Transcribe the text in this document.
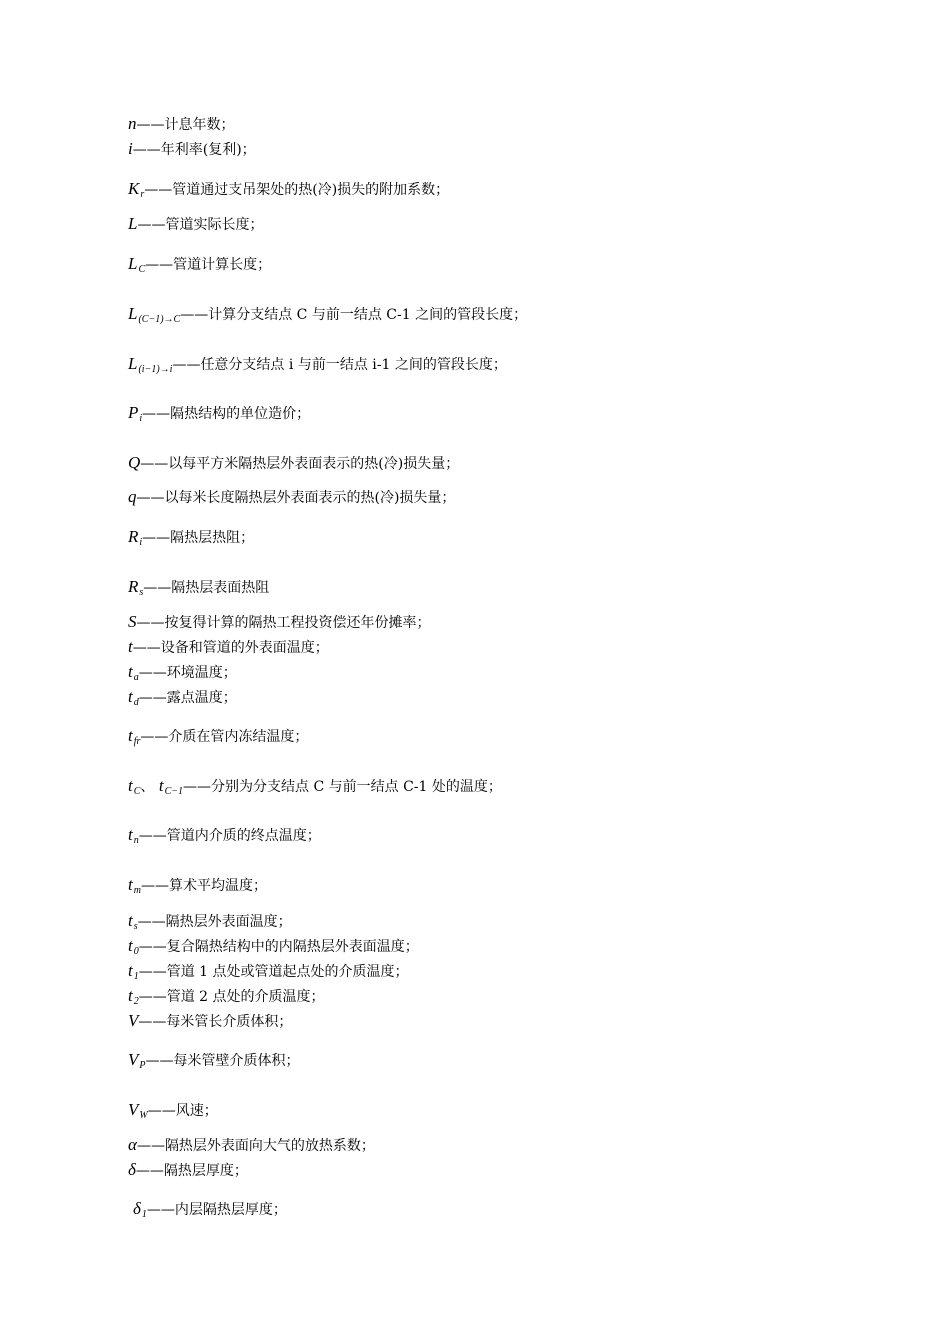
n——计息年数；
i——年利率(复利)；
$K_r——$管道通过支吊架处的热(冷)损失的附加系数；
L——管道实际长度；
$L_C——$管道计算长度；
$L_{(C-1)\to C}——$计算分支结点 C 与前一结点 C-1 之间的管段长度；
$L_{(i-1)\to i}——$任意分支结点 i 与前一结点 i-1 之间的管段长度；
$P_i——$隔热结构的单位造价；
Q——以每平方米隔热层外表面表示的热(冷)损失量；
q——以每米长度隔热层外表面表示的热(冷)损失量；
$R_i——$隔热层热阻；
$R_s——$隔热层表面热阻
S——按复得计算的隔热工程投资偿还年份摊率；
t——设备和管道的外表面温度；
$t_a——$环境温度；
$t_d——$露点温度；
$t_{fr}——$介质在管内冻结温度；
$t_C$、 $t_{C-1}——$分别为分支结点 C 与前一结点 C-1 处的温度；
$t_n——$管道内介质的终点温度；
$t_m——$算术平均温度；
$t_s——$隔热层外表面温度；
$t_0——$复合隔热结构中的内隔热层外表面温度；
$t_1——$管道 1 点处或管道起点处的介质温度；
$t_2——$管道 2 点处的介质温度；
V——每米管长介质体积；
$V_P——$每米管壁介质体积；
$V_W——$风速；
α——隔热层外表面向大气的放热系数；
δ——隔热层厚度；
$\delta_1——$内层隔热层厚度；
